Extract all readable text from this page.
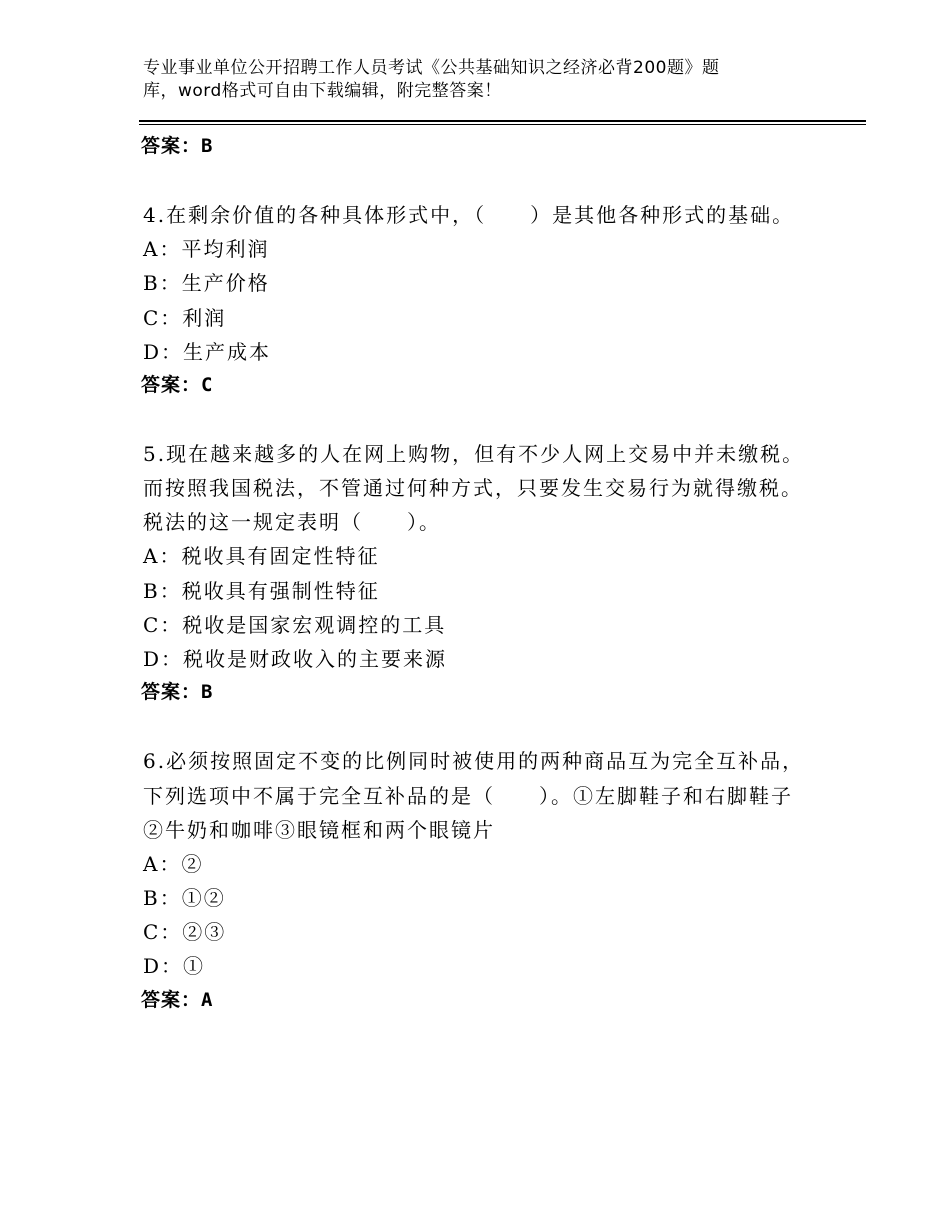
专业事业单位公开招聘工作人员考试《公共基础知识之经济必背200题》题
库，word格式可自由下载编辑，附完整答案！
答案：B
4.在剩余价值的各种具体形式中，（　　）是其他各种形式的基础。
A：平均利润
B：生产价格
C：利润
D：生产成本
答案：C
5.现在越来越多的人在网上购物，但有不少人网上交易中并未缴税。
而按照我国税法，不管通过何种方式，只要发生交易行为就得缴税。
税法的这一规定表明（　　）。
A：税收具有固定性特征
B：税收具有强制性特征
C：税收是国家宏观调控的工具
D：税收是财政收入的主要来源
答案：B
6.必须按照固定不变的比例同时被使用的两种商品互为完全互补品，
下列选项中不属于完全互补品的是（　　）。①左脚鞋子和右脚鞋子
②牛奶和咖啡③眼镜框和两个眼镜片
A：②
B：①②
C：②③
D：①
答案：A
